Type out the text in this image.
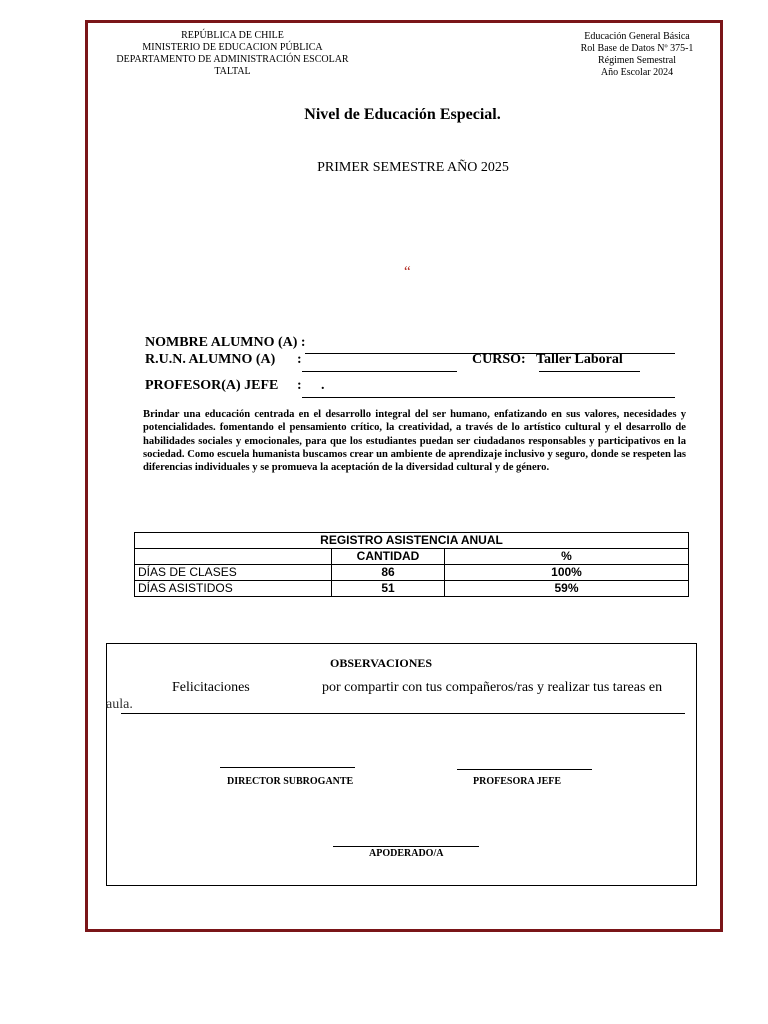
REPÚBLICA DE CHILE
MINISTERIO DE EDUCACION PÚBLICA
DEPARTAMENTO DE ADMINISTRACIÓN ESCOLAR
TALTAL
Educación General Básica
Rol Base de Datos Nº 375-1
Régimen Semestral
Año Escolar 2024
Nivel de Educación Especial.
PRIMER SEMESTRE AÑO 2025
“
NOMBRE ALUMNO (A) :
R.U.N. ALUMNO (A) :	CURSO: Taller Laboral
PROFESOR(A) JEFE : .
Brindar una educación centrada en el desarrollo integral del ser humano, enfatizando en sus valores, necesidades y potencialidades. fomentando el pensamiento crítico, la creatividad, a través de lo artístico cultural y el desarrollo de habilidades sociales y emocionales, para que los estudiantes puedan ser ciudadanos responsables y participativos en la sociedad. Como escuela humanista buscamos crear un ambiente de aprendizaje inclusivo y seguro, donde se respeten las diferencias individuales y se promueva la aceptación de la diversidad cultural y de género.
REGISTRO ASISTENCIA ANUAL		
	CANTIDAD	%
DÍAS DE CLASES	86	100%
DÍAS ASISTIDOS	51	59%
OBSERVACIONES
Felicitaciones	por compartir con tus compañeros/ras y realizar tus tareas en
aula.
DIRECTOR SUBROGANTE	PROFESORA JEFE
APODERADO/A
